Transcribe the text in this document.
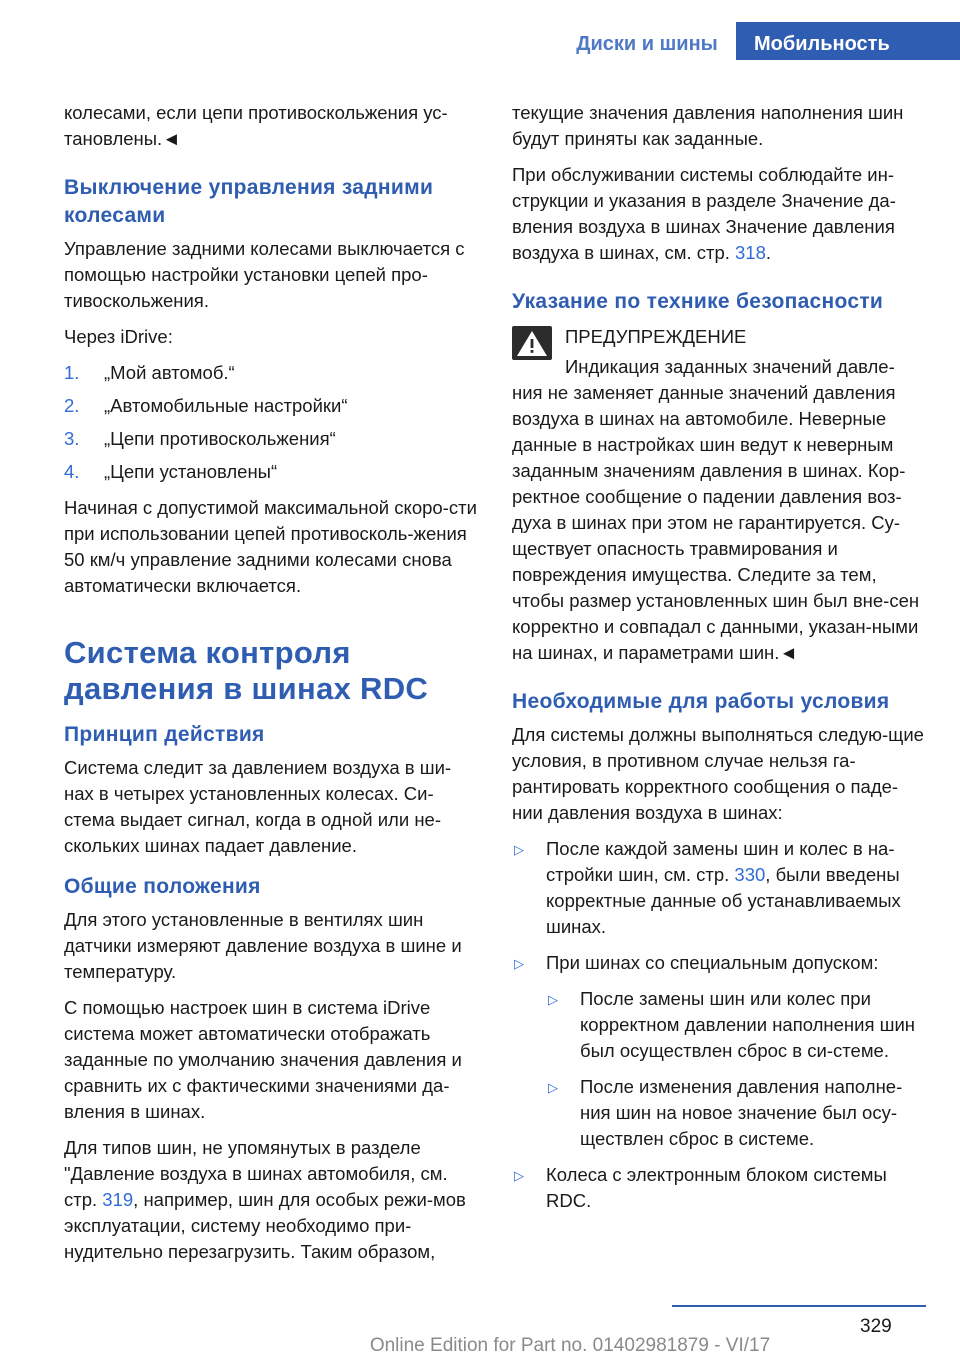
Диски и шины	Мобильность

колесами, если цепи противоскольжения ус-тановлены.◄

Выключение управления задними колесами

Управление задними колесами выключается с помощью настройки установки цепей про-тивоскольжения.

Через iDrive:

1. „Мой автомоб.“
2. „Автомобильные настройки“
3. „Цепи противоскольжения“
4. „Цепи установлены“

Начиная с допустимой максимальной скоро-сти при использовании цепей противосколь-жения 50 км/ч управление задними колесами снова автоматически включается.

Система контроля давления в шинах RDC
Принцип действия

Система следит за давлением воздуха в ши-нах в четырех установленных колесах. Си-стема выдает сигнал, когда в одной или не-скольких шинах падает давление.

Общие положения

Для этого установленные в вентилях шин датчики измеряют давление воздуха в шине и температуру.

С помощью настроек шин в система iDrive система может автоматически отображать заданные по умолчанию значения давления и сравнить их с фактическими значениями да-вления в шинах.

Для типов шин, не упомянутых в разделе "Давление воздуха в шинах автомобиля, см. стр. 319, например, шин для особых режи-мов эксплуатации, систему необходимо при-нудительно перезагрузить. Таким образом,

текущие значения давления наполнения шин будут приняты как заданные.

При обслуживании системы соблюдайте ин-струкции и указания в разделе Значение да-вления воздуха в шинах Значение давления воздуха в шинах, см. стр. 318.

Указание по технике безопасности
ПРЕДУПРЕЖДЕНИЕ
Индикация заданных значений давле-

ния не заменяет данные значений давления воздуха в шинах на автомобиле. Неверные данные в настройках шин ведут к неверным заданным значениям давления в шинах. Кор-ректное сообщение о падении давления воз-духа в шинах при этом не гарантируется. Су-ществует опасность травмирования и повреждения имущества. Следите за тем, чтобы размер установленных шин был вне-сен корректно и совпадал с данными, указан-ными на шинах, и параметрами шин.◄

Необходимые для работы условия

Для системы должны выполняться следую-щие условия, в противном случае нельзя га-рантировать корректного сообщения о паде-нии давления воздуха в шинах:

▷ После каждой замены шин и колес в на-стройки шин, см. стр. 330, были введены корректные данные об устанавливаемых шинах.
▷ При шинах со специальным допуском:
▷ После замены шин или колес при корректном давлении наполнения шин был осуществлен сброс в си-стеме.
▷ После изменения давления наполне-ния шин на новое значение был осу-ществлен сброс в системе.
▷ Колеса с электронным блоком системы RDC.
329
Online Edition for Part no. 01402981879 - VI/17
